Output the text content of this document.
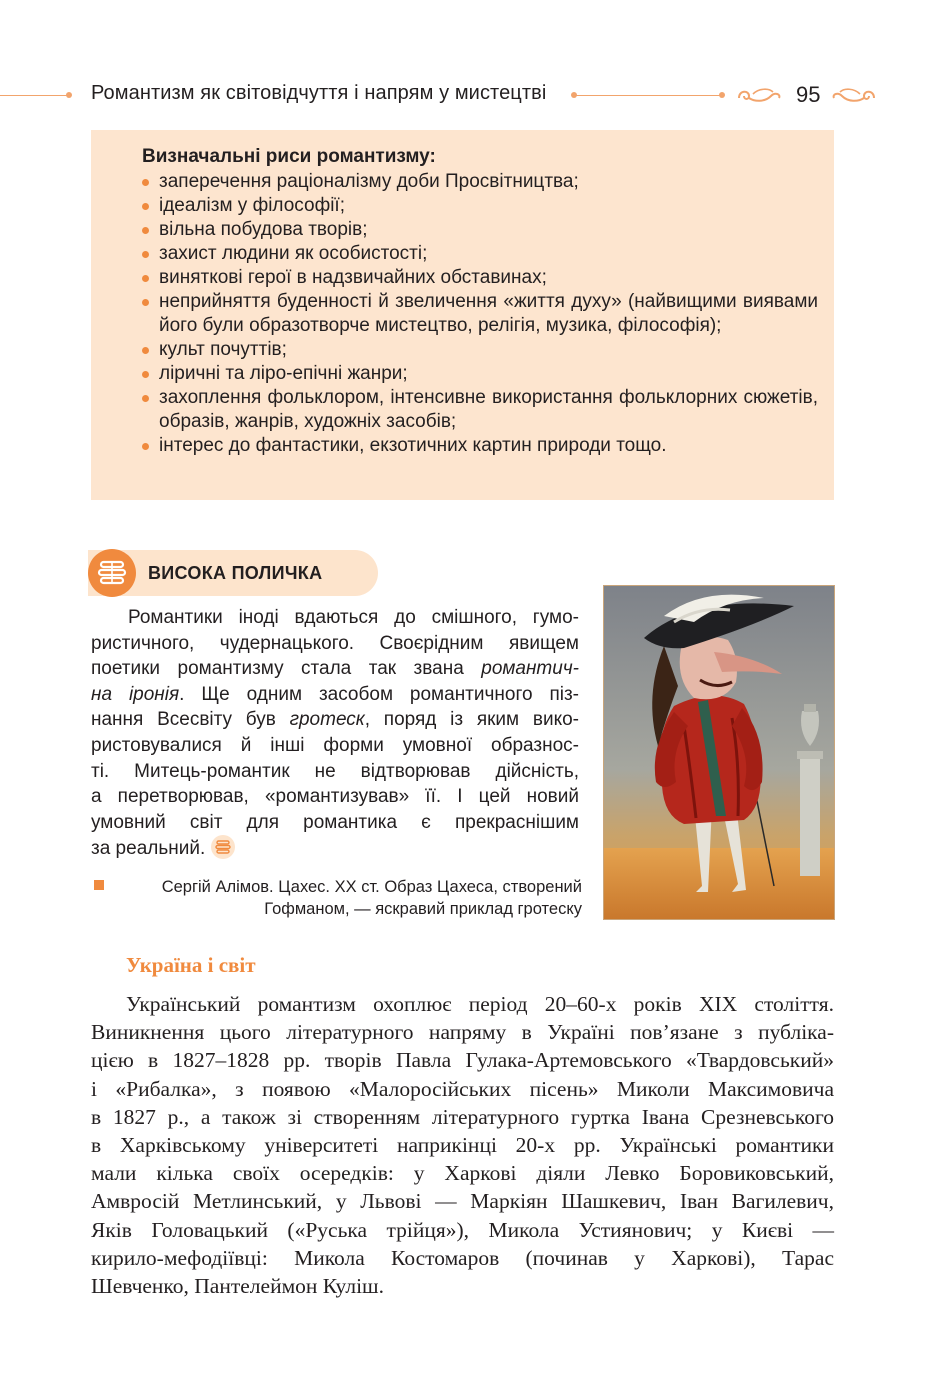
Романтизм як світовідчуття і напрям у мистецтві	95
Визначальні риси романтизму:
заперечення раціоналізму доби Просвітництва;
ідеалізм у філософії;
вільна побудова творів;
захист людини як особистості;
виняткові герої в надзвичайних обставинах;
неприйняття буденності й звеличення «життя духу» (найвищими виявами його були образотворче мистецтво, релігія, музика, філософія);
культ почуттів;
ліричні та ліро-епічні жанри;
захоплення фольклором, інтенсивне використання фольклорних сюжетів, образів, жанрів, художніх засобів;
інтерес до фантастики, екзотичних картин природи тощо.
ВИСОКА ПОЛИЧКА

Романтики іноді вдаються до смішного, гумо-
ристичного, чудернацького. Своєрідним явищем
поетики романтизму стала так звана романтич-
на іронія. Ще одним засобом романтичного піз-
нання Всесвіту був гротеск, поряд із яким вико-
ристовувалися й інші форми умовної образнос-
ті. Митець-романтик не відтворював дійсність,
а перетворював, «романтизував» її. І цей новий
умовний світ для романтика є прекраснішим
за реальний.

Сергій Алімов. Цахес. XX ст. Образ Цахеса, створений
Гофманом, — яскравий приклад гротеску

Україна і світ

Український романтизм охоплює період 20–60-х років XIX століття.
Виникнення цього літературного напряму в Україні пов’язане з публіка-
цією в 1827–1828 рр. творів Павла Гулака-Артемовського «Твардовський»
і «Рибалка», з появою «Малоросійських пісень» Миколи Максимовича
в 1827 р., а також зі створенням літературного гуртка Івана Срезневського
в Харківському університеті наприкінці 20-х рр. Українські романтики
мали кілька своїх осередків: у Харкові діяли Левко Боровиковський,
Амвросій Метлинський, у Львові — Маркіян Шашкевич, Іван Вагилевич,
Яків Головацький («Руська трійця»), Микола Устиянович; у Києві —
кирило-мефодіївці: Микола Костомаров (починав у Харкові), Тарас
Шевченко, Пантелеймон Куліш.
